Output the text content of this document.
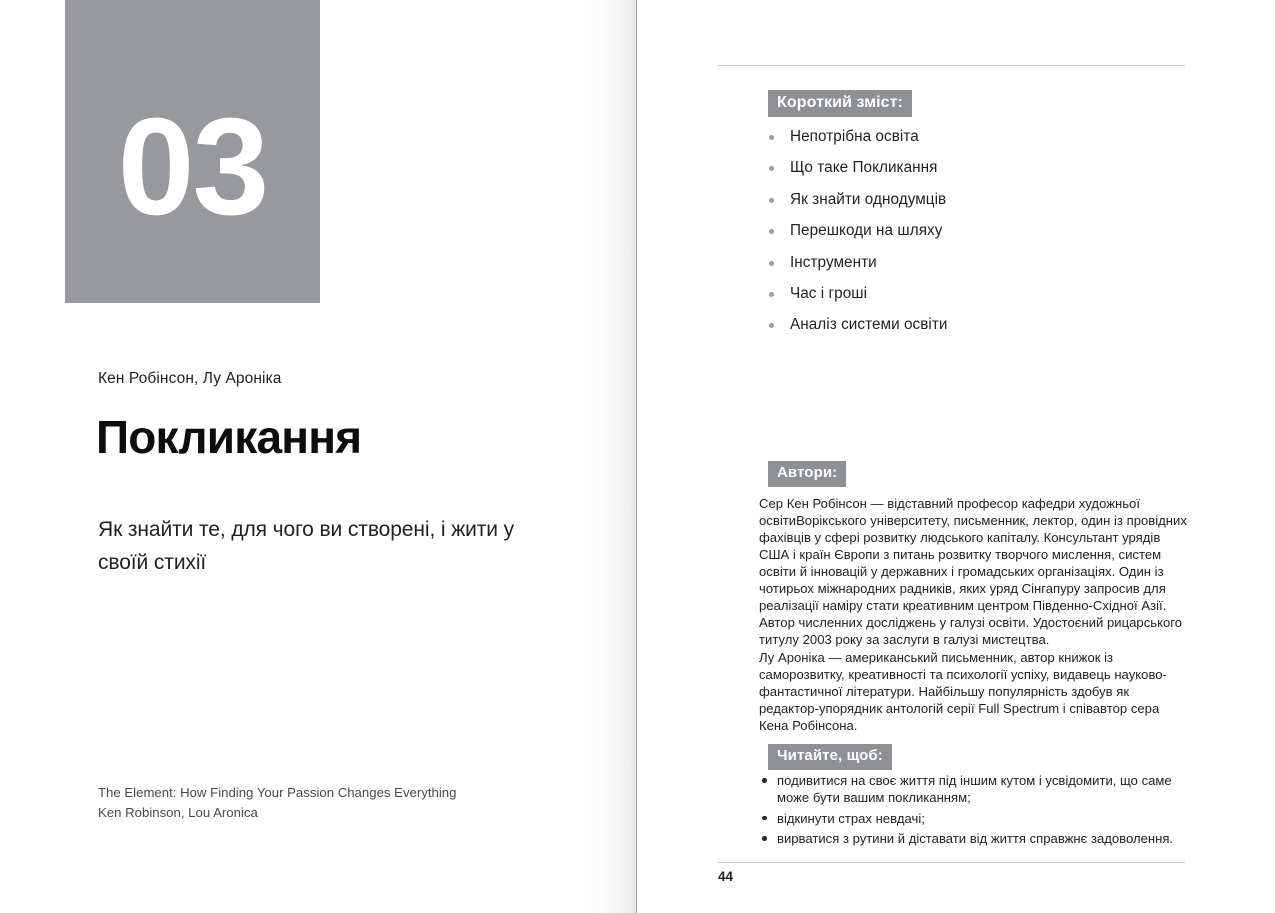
03
Кен Робінсон, Лу Ароніка
Покликання
Як знайти те, для чого ви створені, і жити у своїй стихії
The Element: How Finding Your Passion Changes Everything
Ken Robinson, Lou Aronica
Короткий зміст:
Непотрібна освіта
Що таке Покликання
Як знайти однодумців
Перешкоди на шляху
Інструменти
Час і гроші
Аналіз системи освіти
Автори:
Сер Кен Робінсон — відставний професор кафедри художньої освітиВорікського університету, письменник, лектор, один із провідних фахівців у сфері розвитку людського капіталу. Консультант урядів США і країн Європи з питань розвитку творчого мислення, систем освіти й інновацій у державних і громадських організаціях. Один із чотирьох міжнародних радників, яких уряд Сінгапуру запросив для реалізації наміру стати креативним центром Південно-Східної Азії. Автор численних досліджень у галузі освіти. Удостоєний рицарського титулу 2003 року за заслуги в галузі мистецтва.
Лу Ароніка — американський письменник, автор книжок із саморозвитку, креативності та психології успіху, видавець науково-фантастичної літератури. Найбільшу популярність здобув як редактор-упорядник антологій серії Full Spectrum і співавтор сера Кена Робінсона.
Читайте, щоб:
подивитися на своє життя під іншим кутом і усвідомити, що саме може бути вашим покликанням;
відкинути страх невдачі;
вирватися з рутини й діставати від життя справжнє задоволення.
44
